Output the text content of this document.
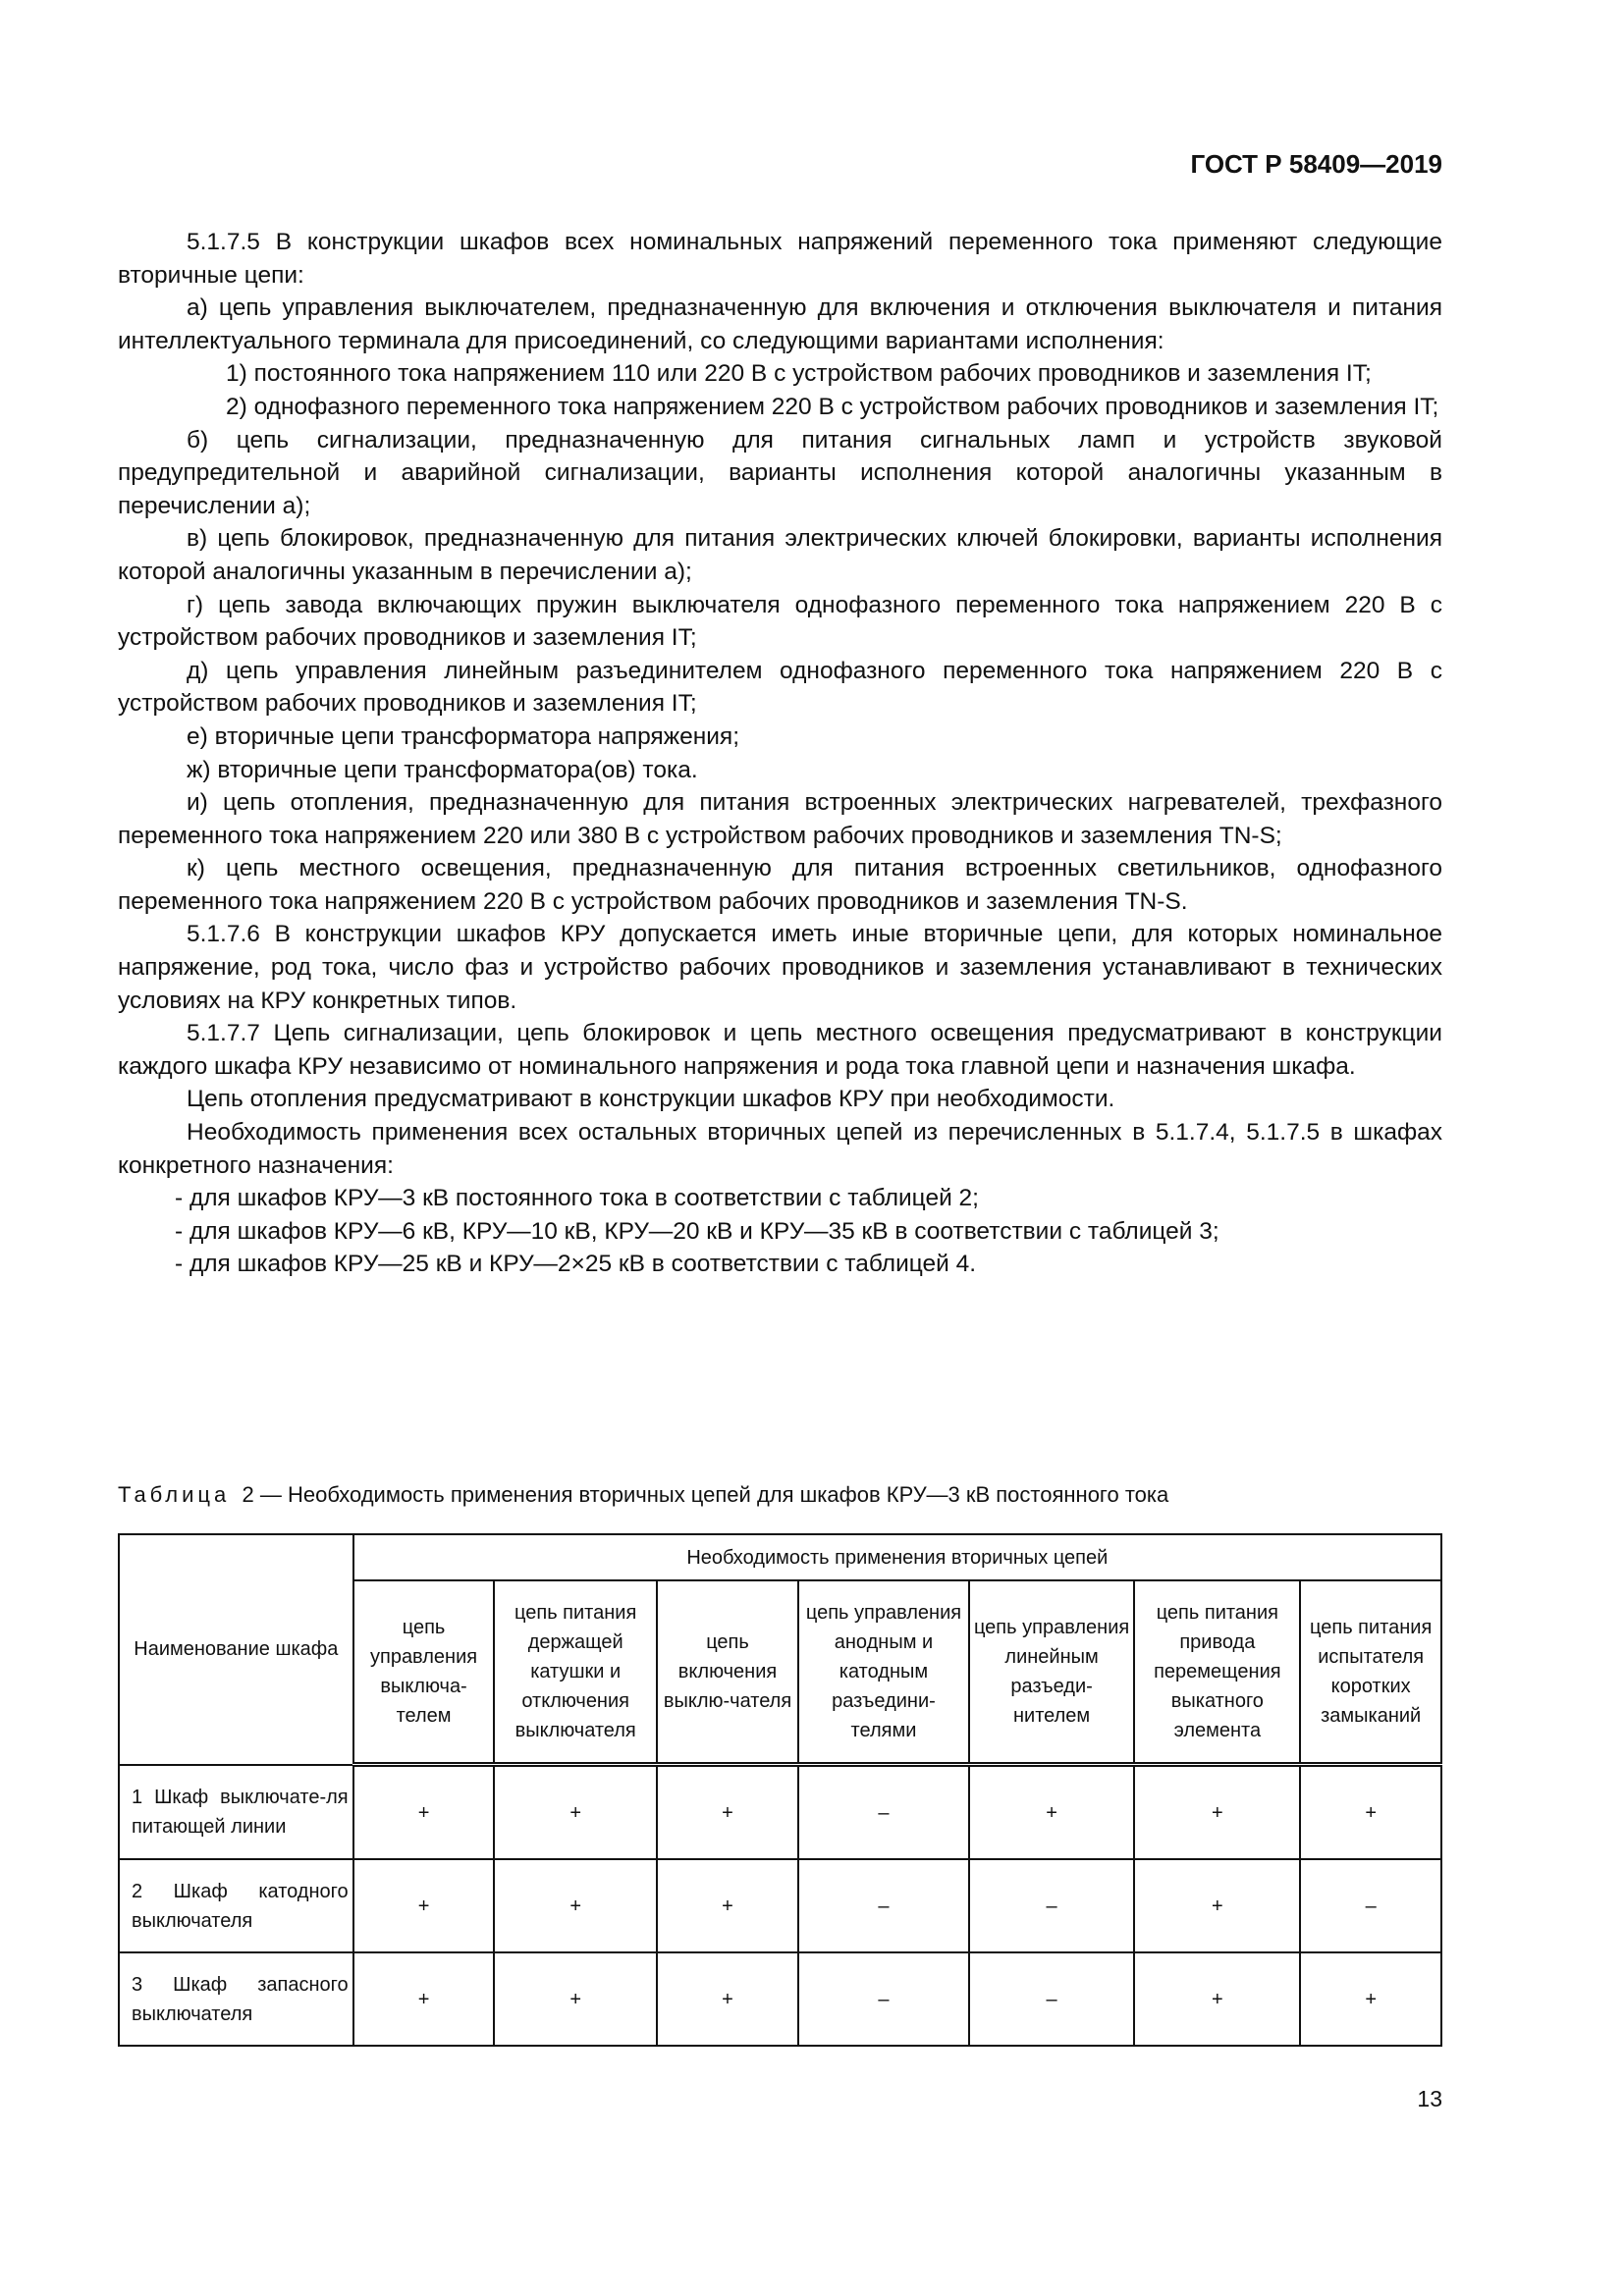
ГОСТ Р 58409—2019

5.1.7.5 В конструкции шкафов всех номинальных напряжений переменного тока применяют следующие вторичные цепи:

а) цепь управления выключателем, предназначенную для включения и отключения выключателя и питания интеллектуального терминала для присоединений, со следующими вариантами исполнения:

1) постоянного тока напряжением 110 или 220 В с устройством рабочих проводников и заземления IT;

2) однофазного переменного тока напряжением 220 В с устройством рабочих проводников и заземления IT;

б) цепь сигнализации, предназначенную для питания сигнальных ламп и устройств звуковой предупредительной и аварийной сигнализации, варианты исполнения которой аналогичны указанным в перечислении а);

в) цепь блокировок, предназначенную для питания электрических ключей блокировки, варианты исполнения которой аналогичны указанным в перечислении а);

г) цепь завода включающих пружин выключателя однофазного переменного тока напряжением 220 В с устройством рабочих проводников и заземления IT;

д) цепь управления линейным разъединителем однофазного переменного тока напряжением 220 В с устройством рабочих проводников и заземления IT;

е) вторичные цепи трансформатора напряжения;

ж) вторичные цепи трансформатора(ов) тока.

и) цепь отопления, предназначенную для питания встроенных электрических нагревателей, трехфазного переменного тока напряжением 220 или 380 В с устройством рабочих проводников и заземления TN-S;

к) цепь местного освещения, предназначенную для питания встроенных светильников, однофазного переменного тока напряжением 220 В с устройством рабочих проводников и заземления TN-S.

5.1.7.6 В конструкции шкафов КРУ допускается иметь иные вторичные цепи, для которых номинальное напряжение, род тока, число фаз и устройство рабочих проводников и заземления устанавливают в технических условиях на КРУ конкретных типов.

5.1.7.7 Цепь сигнализации, цепь блокировок и цепь местного освещения предусматривают в конструкции каждого шкафа КРУ независимо от номинального напряжения и рода тока главной цепи и назначения шкафа.

Цепь отопления предусматривают в конструкции шкафов КРУ при необходимости.

Необходимость применения всех остальных вторичных цепей из перечисленных в 5.1.7.4, 5.1.7.5 в шкафах конкретного назначения:

- для шкафов КРУ—3 кВ постоянного тока в соответствии с таблицей 2;

- для шкафов КРУ—6 кВ, КРУ—10 кВ, КРУ—20 кВ и КРУ—35 кВ в соответствии с таблицей 3;

- для шкафов КРУ—25 кВ и КРУ—2×25 кВ в соответствии с таблицей 4.

Таблица 2 — Необходимость применения вторичных цепей для шкафов КРУ—3 кВ постоянного тока
Наименование шкафа	Необходимость применения вторичных цепей						
	цепь управления выключа-телем	цепь питания держащей катушки и отключения выключателя	цепь включения выклю-чателя	цепь управления анодным и катодным разъедини-телями	цепь управления линейным разъеди-нителем	цепь питания привода перемещения выкатного элемента	цепь питания испытателя коротких замыканий
1 Шкаф выключате-ля питающей линии	+	+	+	–	+	+	+
2 Шкаф катодного выключателя	+	+	+	–	–	+	–
3 Шкаф запасного выключателя	+	+	+	–	–	+	+
13
